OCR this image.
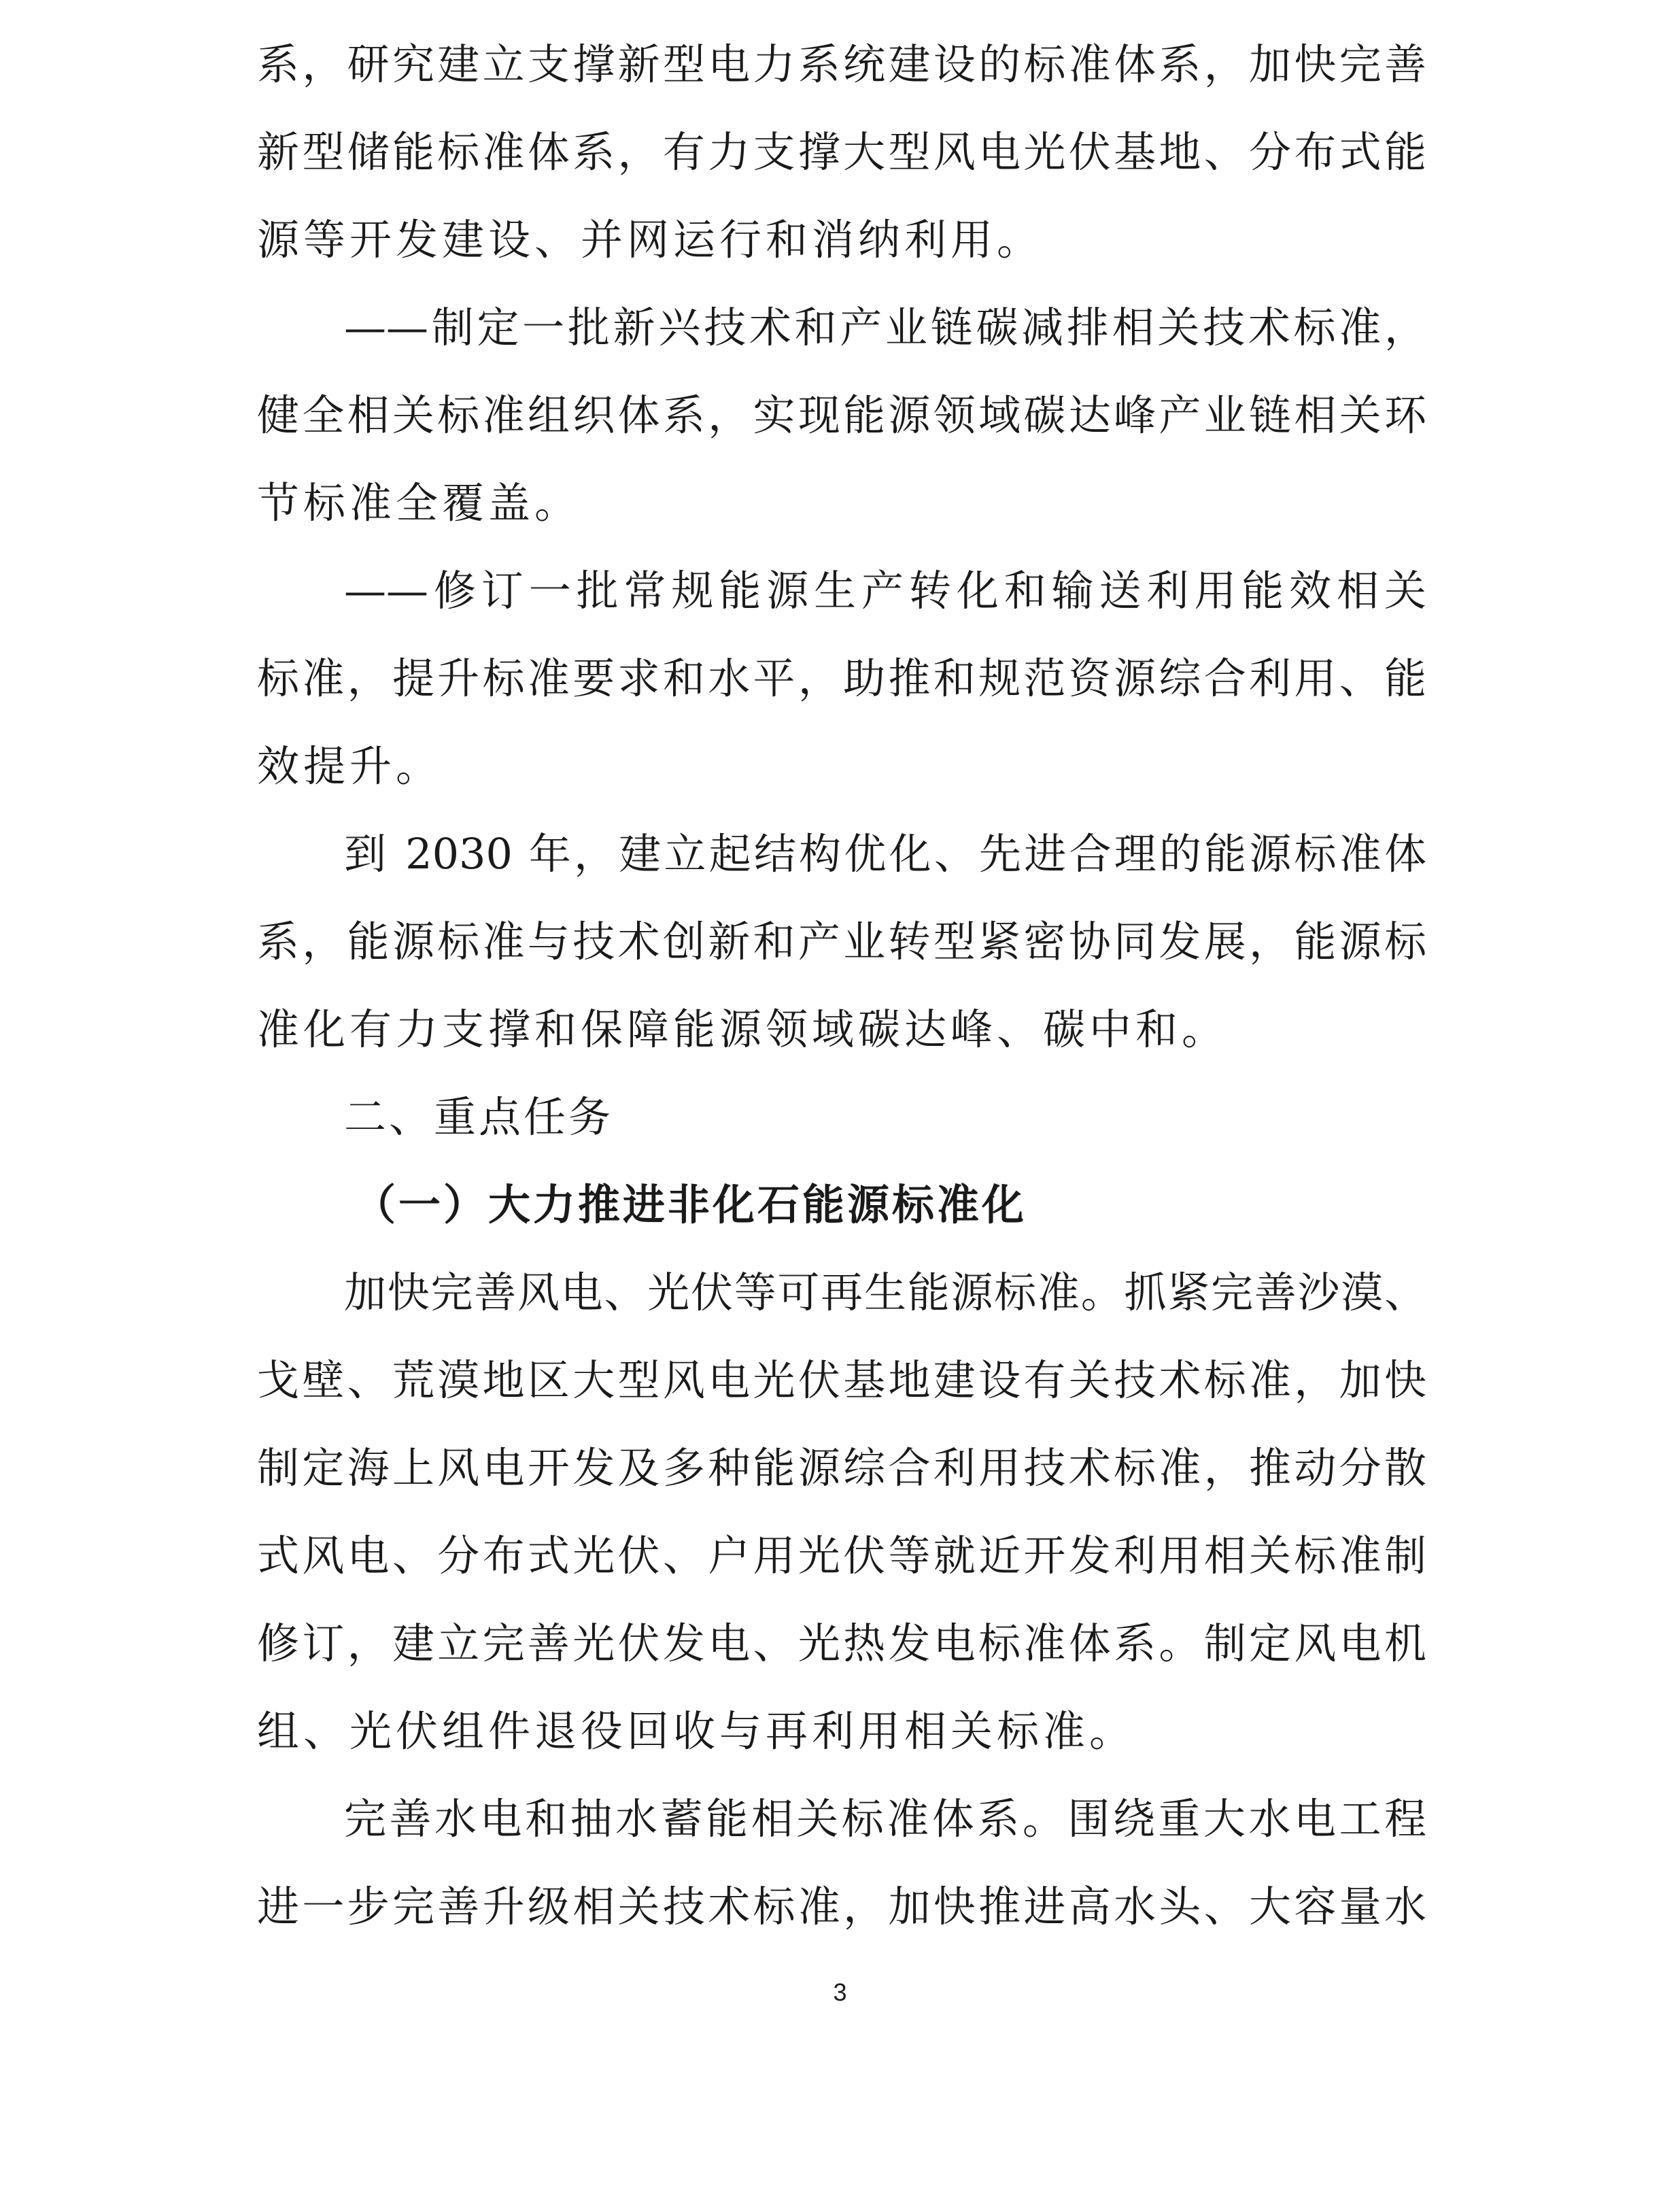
系，研究建立支撑新型电力系统建设的标准体系，加快完善
新型储能标准体系，有力支撑大型风电光伏基地、分布式能
源等开发建设、并网运行和消纳利用。
——制定一批新兴技术和产业链碳减排相关技术标准，
健全相关标准组织体系，实现能源领域碳达峰产业链相关环
节标准全覆盖。
——修订一批常规能源生产转化和输送利用能效相关
标准，提升标准要求和水平，助推和规范资源综合利用、能
效提升。
到 2030 年，建立起结构优化、先进合理的能源标准体
系，能源标准与技术创新和产业转型紧密协同发展，能源标
准化有力支撑和保障能源领域碳达峰、碳中和。
二、重点任务
（一）大力推进非化石能源标准化
加快完善风电、光伏等可再生能源标准。抓紧完善沙漠、
戈壁、荒漠地区大型风电光伏基地建设有关技术标准，加快
制定海上风电开发及多种能源综合利用技术标准，推动分散
式风电、分布式光伏、户用光伏等就近开发利用相关标准制
修订，建立完善光伏发电、光热发电标准体系。制定风电机
组、光伏组件退役回收与再利用相关标准。
完善水电和抽水蓄能相关标准体系。围绕重大水电工程
进一步完善升级相关技术标准，加快推进高水头、大容量水
3
